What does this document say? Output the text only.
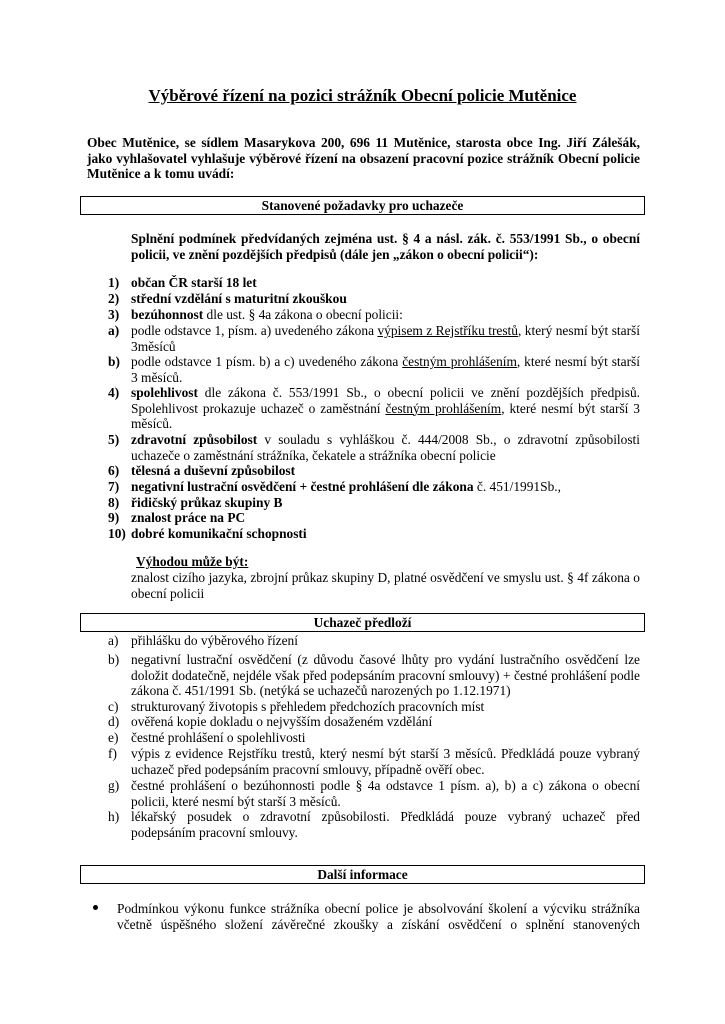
Výběrové řízení na pozici strážník Obecní policie Mutěnice
Obec Mutěnice, se sídlem Masarykova 200, 696 11 Mutěnice, starosta obce Ing. Jiří Zálešák, jako vyhlašovatel vyhlašuje výběrové řízení na obsazení pracovní pozice strážník Obecní policie Mutěnice a k tomu uvádí:
Stanovené požadavky pro uchazeče
Splnění podmínek předvídaných zejména ust. § 4 a násl. zák. č. 553/1991 Sb., o obecní policii, ve znění pozdějších předpisů (dále jen „zákon o obecní policii“):
1) občan ČR starší 18 let
2) střední vzdělání s maturitní zkouškou
3) bezúhonnost dle ust. § 4a zákona o obecní policii:
a) podle odstavce 1, písm. a) uvedeného zákona výpisem z Rejstříku trestů, který nesmí být starší 3měsíců
b) podle odstavce 1 písm. b) a c) uvedeného zákona čestným prohlášením, které nesmí být starší 3 měsíců.
4) spolehlivost dle zákona č. 553/1991 Sb., o obecní policii ve znění pozdějších předpisů. Spolehlivost prokazuje uchazeč o zaměstnání čestným prohlášením, které nesmí být starší 3 měsíců.
5) zdravotní způsobilost v souladu s vyhláškou č. 444/2008 Sb., o zdravotní způsobilosti uchazeče o zaměstnání strážníka, čekatele a strážníka obecní policie
6) tělesná a duševní způsobilost
7) negativní lustrační osvědčení + čestné prohlášení dle zákona č. 451/1991Sb.,
8) řidičský průkaz skupiny B
9) znalost práce na PC
10) dobré komunikační schopnosti
Výhodou může být:
znalost cizího jazyka, zbrojní průkaz skupiny D, platné osvědčení ve smyslu ust. § 4f zákona o obecní policii
Uchazeč předloží
a) přihlášku do výběrového řízení
b) negativní lustrační osvědčení (z důvodu časové lhůty pro vydání lustračního osvědčení lze doložit dodatečně, nejdéle však před podepsáním pracovní smlouvy) + čestné prohlášení podle zákona č. 451/1991 Sb. (netýká se uchazečů narozených po 1.12.1971)
c) strukturovaný životopis s přehledem předchozích pracovních míst
d) ověřená kopie dokladu o nejvyšším dosaženém vzdělání
e) čestné prohlášení o spolehlivosti
f) výpis z evidence Rejstříku trestů, který nesmí být starší 3 měsíců. Předkládá pouze vybraný uchazeč před podepsáním pracovní smlouvy, případně ověří obec.
g) čestné prohlášení o bezúhonnosti podle § 4a odstavce 1 písm. a), b) a c) zákona o obecní policii, které nesmí být starší 3 měsíců.
h) lékařský posudek o zdravotní způsobilosti. Předkládá pouze vybraný uchazeč před podepsáním pracovní smlouvy.
Další informace
Podmínkou výkonu funkce strážníka obecní police je absolvování školení a výcviku strážníka včetně úspěšného složení závěrečné zkoušky a získání osvědčení o splnění stanovených
